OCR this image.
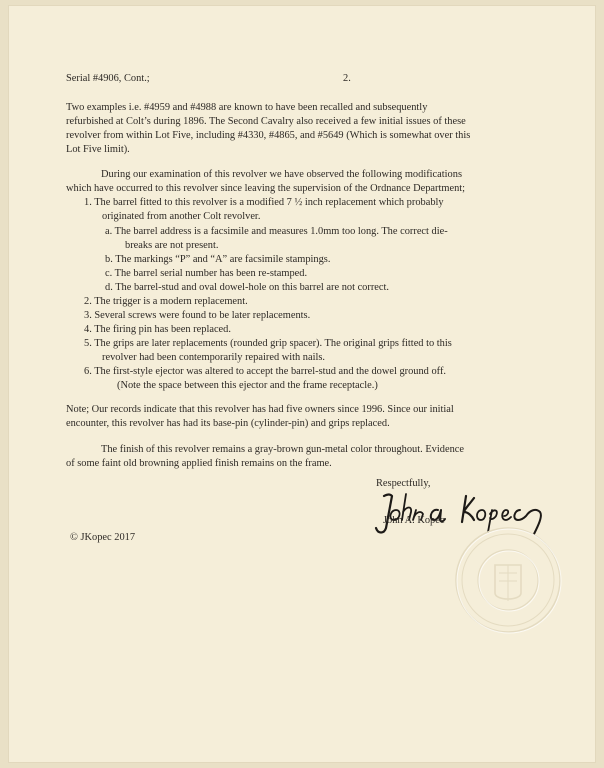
Serial #4906, Cont.;	2.
Two examples i.e. #4959 and #4988 are known to have been recalled and subsequently
refurbished at Colt’s during 1896. The Second Cavalry also received a few initial issues of these
revolver from within Lot Five, including #4330, #4865, and #5649 (Which is somewhat over this
Lot Five limit).
During our examination of this revolver we have observed the following modifications
which have occurred to this revolver since leaving the supervision of the Ordnance Department;
1. The barrel fitted to this revolver is a modified 7 ½ inch replacement which probably
originated from another Colt revolver.
a. The barrel address is a facsimile and measures 1.0mm too long. The correct die-
breaks are not present.
b. The markings “P” and “A” are facsimile stampings.
c. The barrel serial number has been re-stamped.
d. The barrel-stud and oval dowel-hole on this barrel are not correct.
2. The trigger is a modern replacement.
3. Several screws were found to be later replacements.
4. The firing pin has been replaced.
5. The grips are later replacements (rounded grip spacer). The original grips fitted to this
revolver had been contemporarily repaired with nails.
6. The first-style ejector was altered to accept the barrel-stud and the dowel ground off.
(Note the space between this ejector and the frame receptacle.)
Note; Our records indicate that this revolver has had five owners since 1996. Since our initial
encounter, this revolver has had its base-pin (cylinder-pin) and grips replaced.
The finish of this revolver remains a gray-brown gun-metal color throughout. Evidence
of some faint old browning applied finish remains on the frame.
Respectfully,
John A. Kopec
© JKopec 2017
